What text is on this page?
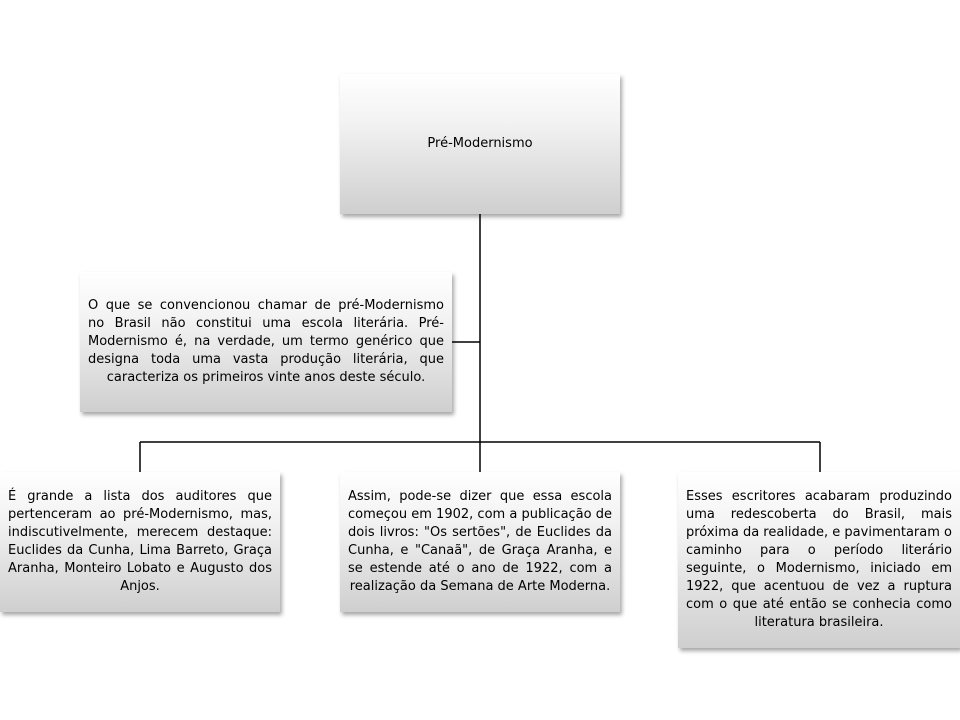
Pré-Modernismo
O que se convencionou chamar de pré-Modernismo no Brasil não constitui uma escola literária. Pré-Modernismo é, na verdade, um termo genérico que designa toda uma vasta produção literária, que caracteriza os primeiros vinte anos deste século.
É grande a lista dos auditores que pertenceram ao pré-Modernismo, mas, indiscutivelmente, merecem destaque: Euclides da Cunha, Lima Barreto, Graça Aranha, Monteiro Lobato e Augusto dos Anjos.
Assim, pode-se dizer que essa escola começou em 1902, com a publicação de dois livros: "Os sertões", de Euclides da Cunha, e "Canaã", de Graça Aranha, e se estende até o ano de 1922, com a realização da Semana de Arte Moderna.
Esses escritores acabaram produzindo uma redescoberta do Brasil, mais próxima da realidade, e pavimentaram o caminho para o período literário seguinte, o Modernismo, iniciado em 1922, que acentuou de vez a ruptura com o que até então se conhecia como literatura brasileira.
